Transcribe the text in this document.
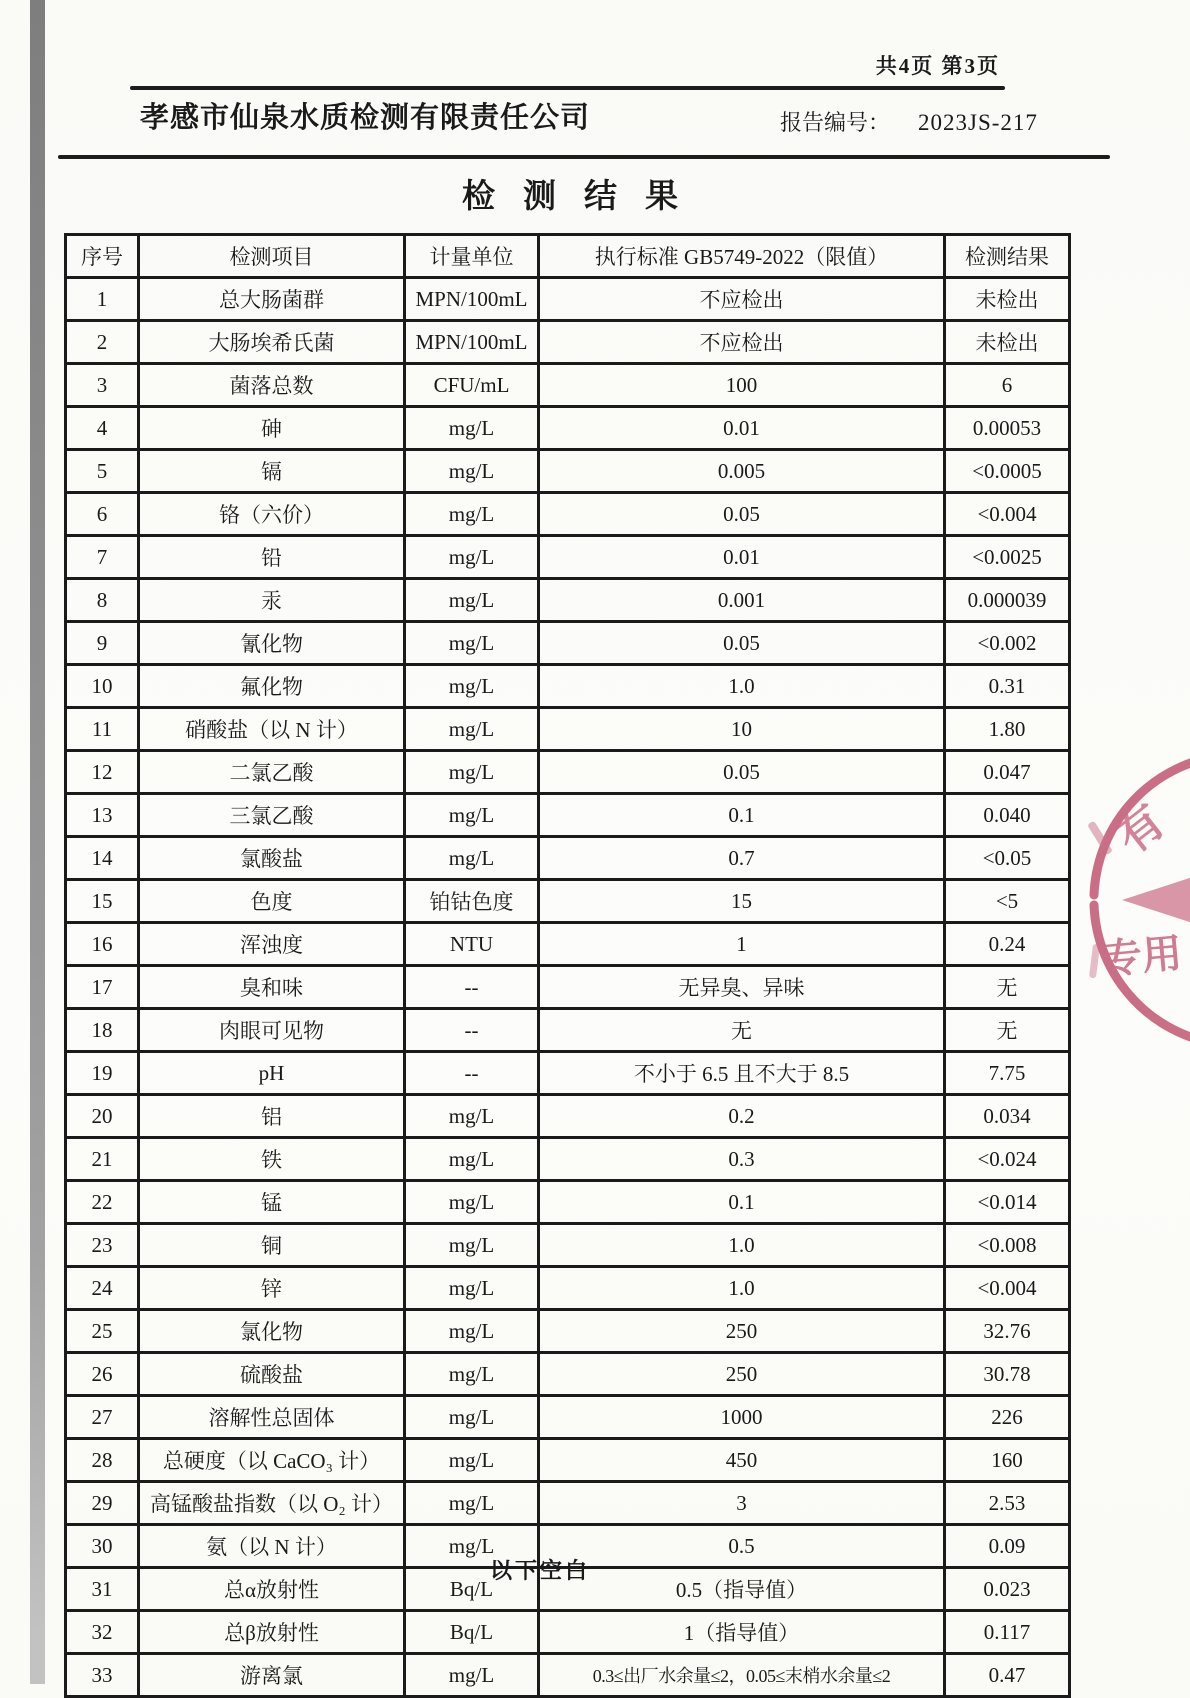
共4页 第3页
孝感市仙泉水质检测有限责任公司	报告编号： 2023JS-217
检测结果
序号	检测项目	计量单位	执行标准 GB5749-2022（限值）	检测结果
1	总大肠菌群	MPN/100mL	不应检出	未检出
2	大肠埃希氏菌	MPN/100mL	不应检出	未检出
3	菌落总数	CFU/mL	100	6
4	砷	mg/L	0.01	0.00053
5	镉	mg/L	0.005	<0.0005
6	铬（六价）	mg/L	0.05	<0.004
7	铅	mg/L	0.01	<0.0025
8	汞	mg/L	0.001	0.000039
9	氰化物	mg/L	0.05	<0.002
10	氟化物	mg/L	1.0	0.31
11	硝酸盐（以 N 计）	mg/L	10	1.80
12	二氯乙酸	mg/L	0.05	0.047
13	三氯乙酸	mg/L	0.1	0.040
14	氯酸盐	mg/L	0.7	<0.05
15	色度	铂钴色度	15	<5
16	浑浊度	NTU	1	0.24
17	臭和味	--	无异臭、异味	无
18	肉眼可见物	--	无	无
19	pH	--	不小于 6.5 且不大于 8.5	7.75
20	铝	mg/L	0.2	0.034
21	铁	mg/L	0.3	<0.024
22	锰	mg/L	0.1	<0.014
23	铜	mg/L	1.0	<0.008
24	锌	mg/L	1.0	<0.004
25	氯化物	mg/L	250	32.76
26	硫酸盐	mg/L	250	30.78
27	溶解性总固体	mg/L	1000	226
28	总硬度（以 CaCO₃ 计）	mg/L	450	160
29	高锰酸盐指数（以 O₂ 计）	mg/L	3	2.53
30	氨（以 N 计）	mg/L	0.5	0.09
31	总α放射性	Bq/L	0.5（指导值）	0.023
32	总β放射性	Bq/L	1（指导值）	0.117
33	游离氯	mg/L	0.3≤出厂水余量≤2，0.05≤末梢水余量≤2	0.47
以下空白
有
专用
